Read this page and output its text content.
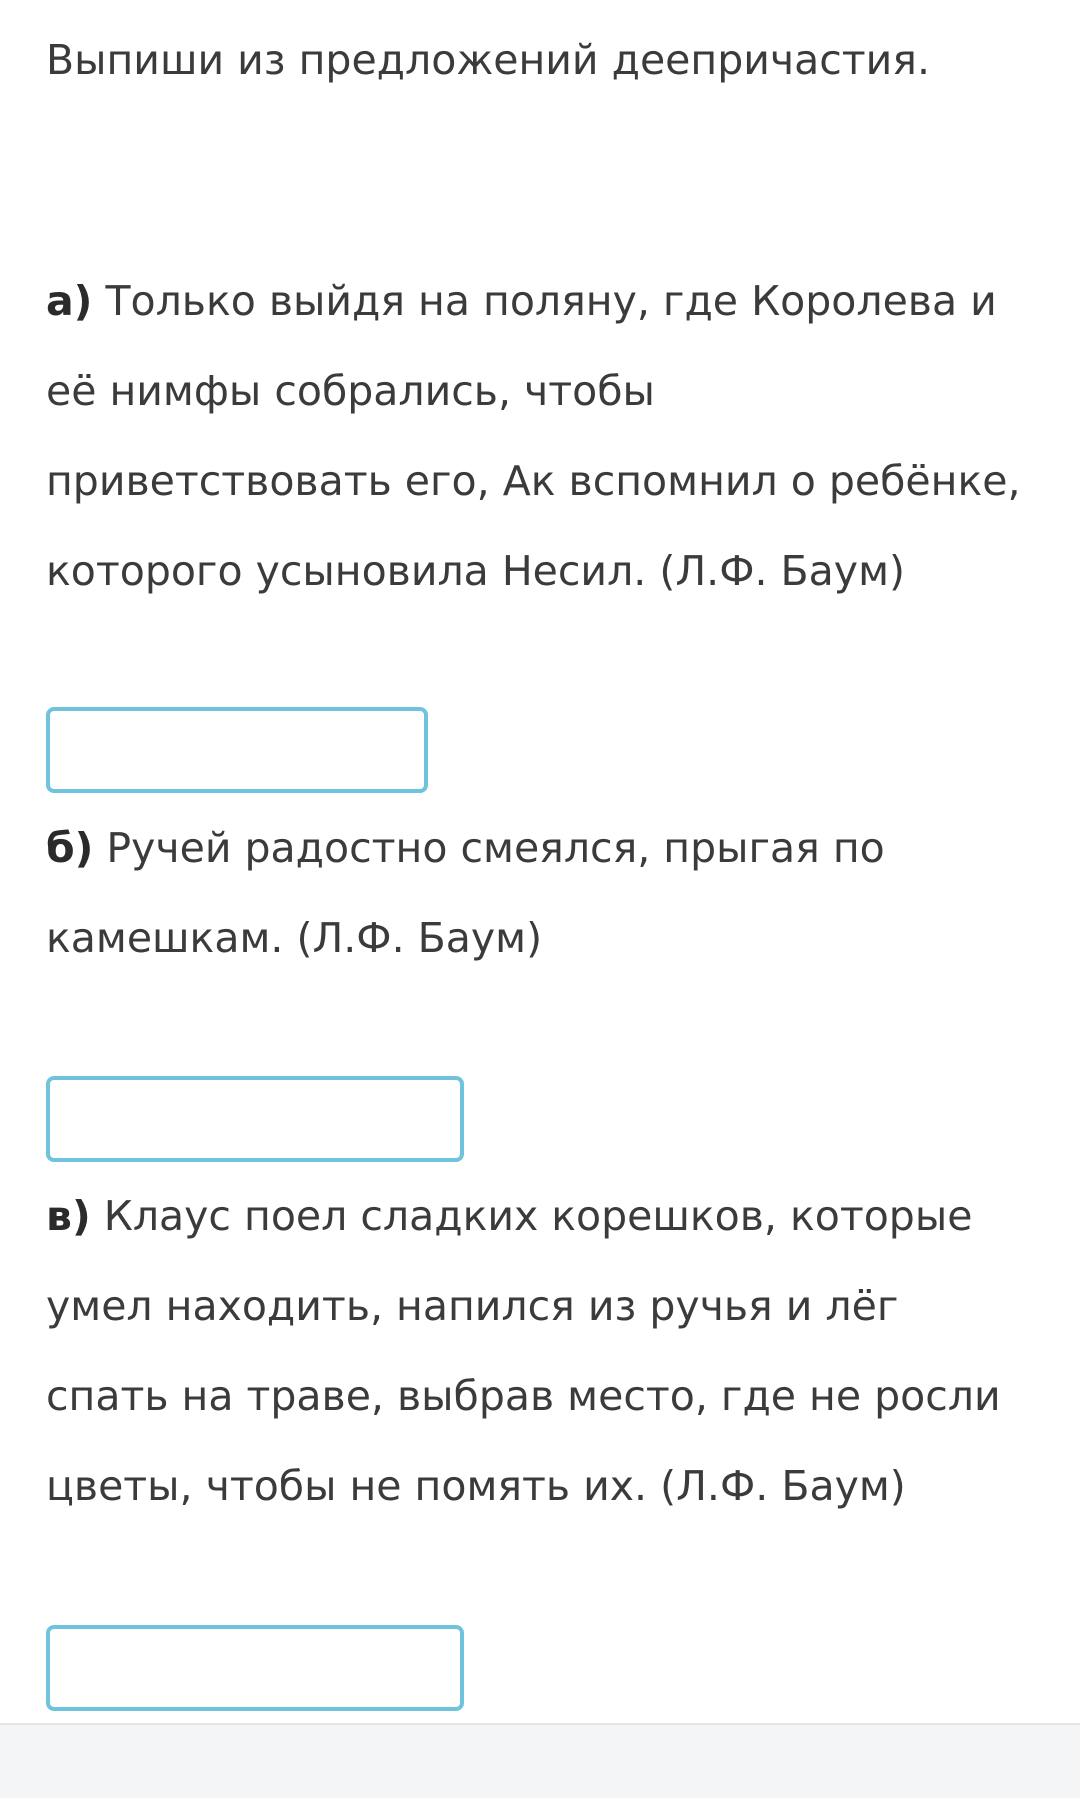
Выпиши из предложений деепричастия.

а) Только выйдя на поляну, где Королева и
её нимфы собрались, чтобы
приветствовать его, Ак вспомнил о ребёнке,
которого усыновила Несил. (Л.Ф. Баум)

б) Ручей радостно смеялся, прыгая по
камешкам. (Л.Ф. Баум)

в) Клаус поел сладких корешков, которые
умел находить, напился из ручья и лёг
спать на траве, выбрав место, где не росли
цветы, чтобы не помять их. (Л.Ф. Баум)
